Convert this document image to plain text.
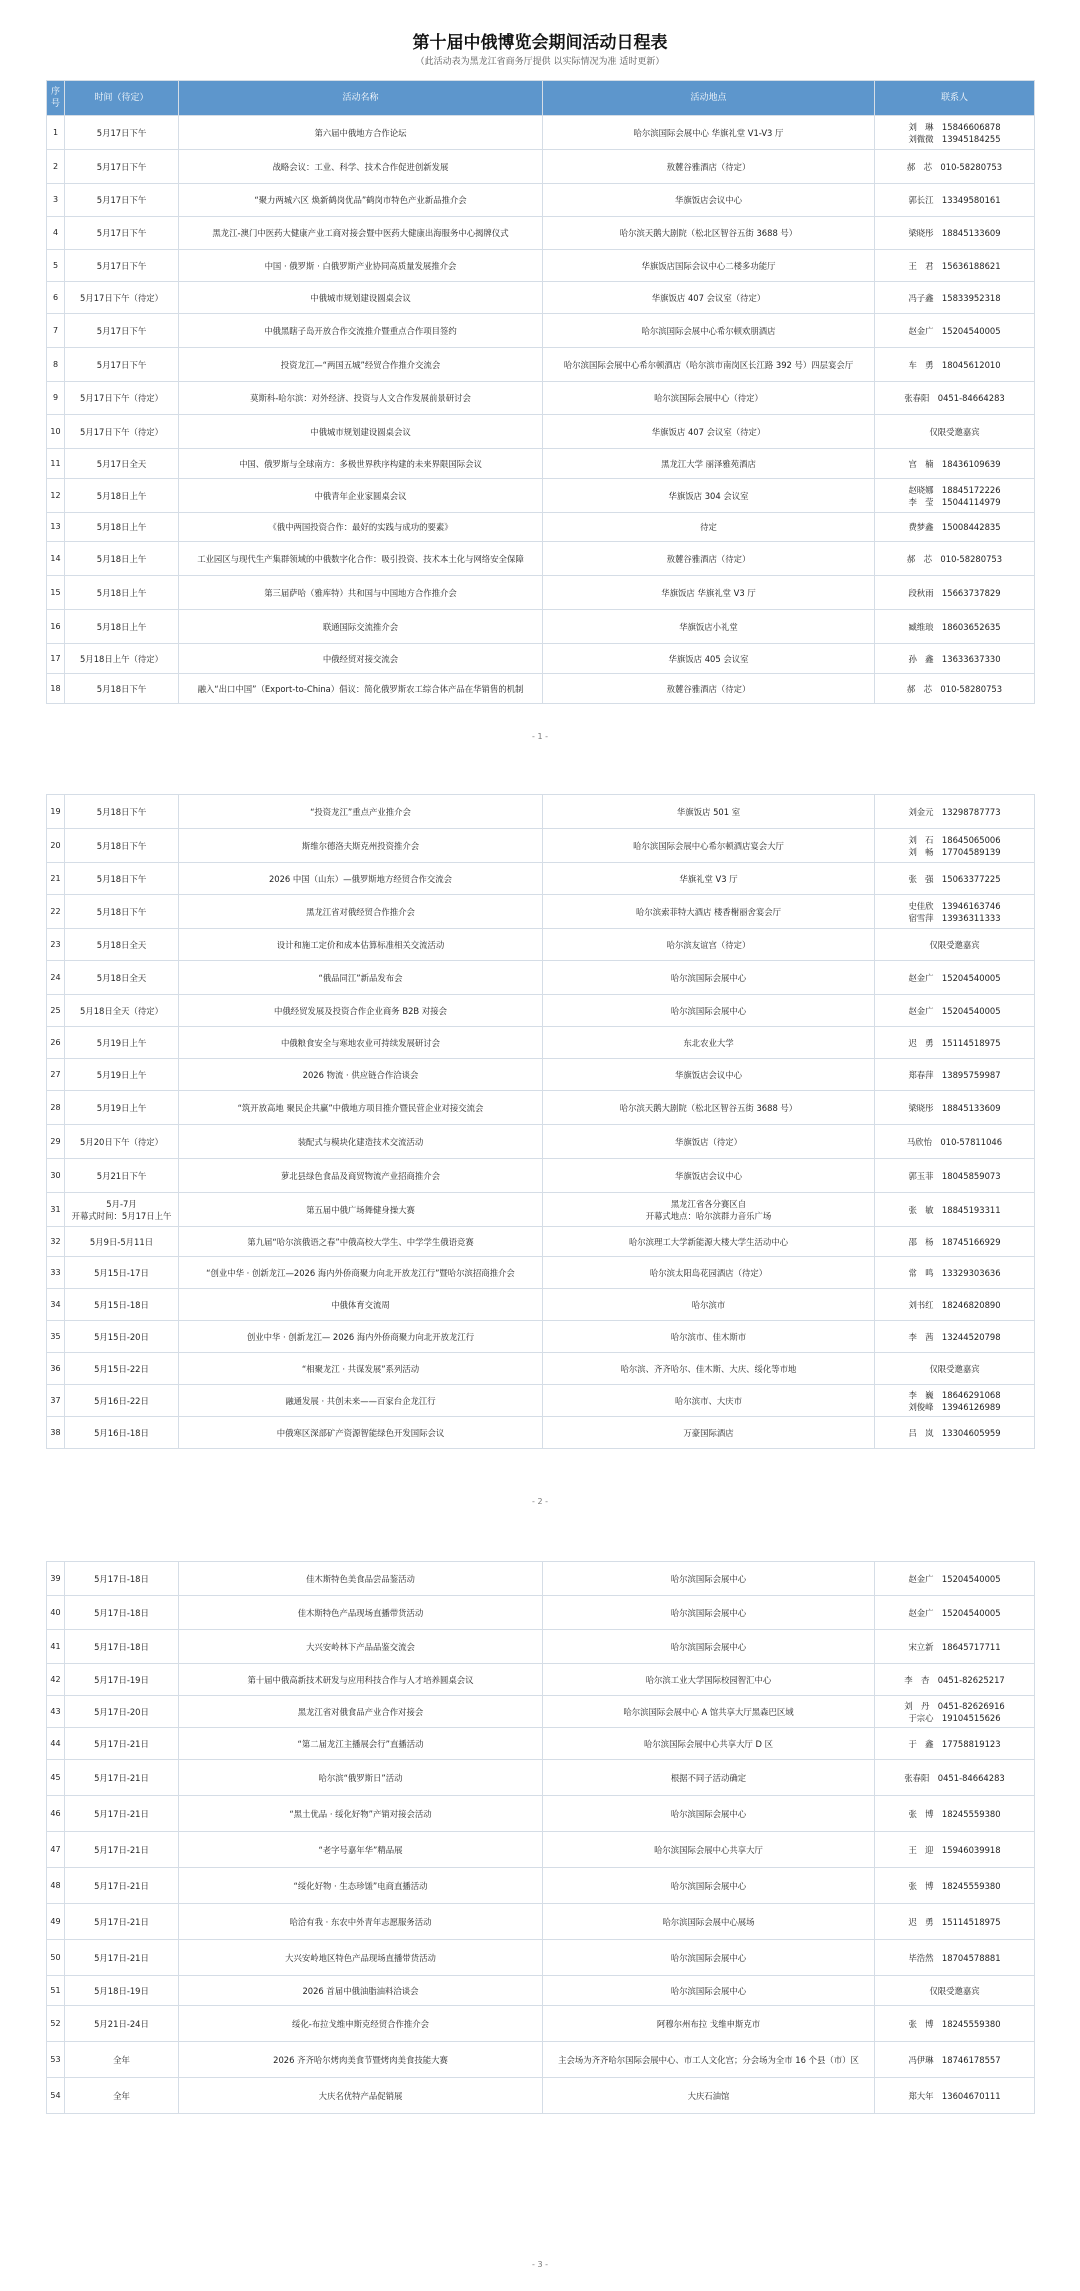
第十届中俄博览会期间活动日程表
（此活动表为黑龙江省商务厅提供 以实际情况为准 适时更新）
序号	时间（待定）	活动名称	活动地点	联系人
1	5月17日下午	第六届中俄地方合作论坛	哈尔滨国际会展中心 华旗礼堂 V1-V3 厅	刘　琳　15846606878
刘微微　13945184255
2	5月17日下午	战略会议：工业、科学、技术合作促进创新发展	敖麓谷雅酒店（待定）	郝　芯　010-58280753
3	5月17日下午	“聚力两城六区 焕新鹤岗优品”鹤岗市特色产业新品推介会	华旗饭店会议中心	郭长江　13349580161
4	5月17日下午	黑龙江-澳门中医药大健康产业工商对接会暨中医药大健康出海服务中心揭牌仪式	哈尔滨天鹅大剧院（松北区智谷五街 3688 号）	梁晓彤　18845133609
5	5月17日下午	中国 · 俄罗斯 · 白俄罗斯产业协同高质量发展推介会	华旗饭店国际会议中心二楼多功能厅	王　君　15636188621
6	5月17日下午（待定）	中俄城市规划建设圆桌会议	华旗饭店 407 会议室（待定）	冯子鑫　15833952318
7	5月17日下午	中俄黑瞎子岛开放合作交流推介暨重点合作项目签约	哈尔滨国际会展中心希尔顿欢朋酒店	赵金广　15204540005
8	5月17日下午	投资龙江—“两国五城”经贸合作推介交流会	哈尔滨国际会展中心希尔顿酒店（哈尔滨市南岗区长江路 392 号）四层宴会厅	车　勇　18045612010
9	5月17日下午（待定）	莫斯科-哈尔滨：对外经济、投资与人文合作发展前景研讨会	哈尔滨国际会展中心（待定）	张春阳　0451-84664283
10	5月17日下午（待定）	中俄城市规划建设圆桌会议	华旗饭店 407 会议室（待定）	仅限受邀嘉宾
11	5月17日全天	中国、俄罗斯与全球南方：多极世界秩序构建的未来界限国际会议	黑龙江大学 丽泽雅苑酒店	宫　楠　18436109639
12	5月18日上午	中俄青年企业家圆桌会议	华旗饭店 304 会议室	赵晓娜　18845172226
李　莹　15044114979
13	5月18日上午	《俄中两国投资合作：最好的实践与成功的要素》	待定	费梦鑫　15008442835
14	5月18日上午	工业园区与现代生产集群领域的中俄数字化合作：吸引投资、技术本土化与网络安全保障	敖麓谷雅酒店（待定）	郝　芯　010-58280753
15	5月18日上午	第三届萨哈（雅库特）共和国与中国地方合作推介会	华旗饭店 华旗礼堂 V3 厅	段秋雨　15663737829
16	5月18日上午	联通国际交流推介会	华旗饭店小礼堂	臧维琅　18603652635
17	5月18日上午（待定）	中俄经贸对接交流会	华旗饭店 405 会议室	孙　鑫　13633637330
18	5月18日下午	融入“出口中国”（Export-to-China）倡议：简化俄罗斯农工综合体产品在华销售的机制	敖麓谷雅酒店（待定）	郝　芯　010-58280753
- 1 -
19	5月18日下午	“投资龙江”重点产业推介会	华旗饭店 501 室	刘金元　13298787773
20	5月18日下午	斯维尔德洛夫斯克州投资推介会	哈尔滨国际会展中心希尔顿酒店宴会大厅	刘　石　18645065006
刘　畅　17704589139
21	5月18日下午	2026 中国（山东）—俄罗斯地方经贸合作交流会	华旗礼堂 V3 厅	张　强　15063377225
22	5月18日下午	黑龙江省对俄经贸合作推介会	哈尔滨索菲特大酒店 楼香榭丽舍宴会厅	史佳欣　13946163746
宿雪萍　13936311333
23	5月18日全天	设计和施工定价和成本估算标准相关交流活动	哈尔滨友谊宫（待定）	仅限受邀嘉宾
24	5月18日全天	“俄品同江”新品发布会	哈尔滨国际会展中心	赵金广　15204540005
25	5月18日全天（待定）	中俄经贸发展及投资合作企业商务 B2B 对接会	哈尔滨国际会展中心	赵金广　15204540005
26	5月19日上午	中俄粮食安全与寒地农业可持续发展研讨会	东北农业大学	迟　勇　15114518975
27	5月19日上午	2026 物流 · 供应链合作洽谈会	华旗饭店会议中心	郑春萍　13895759987
28	5月19日上午	“筑开放高地 聚民企共赢”中俄地方项目推介暨民营企业对接交流会	哈尔滨天鹅大剧院（松北区智谷五街 3688 号）	梁晓彤　18845133609
29	5月20日下午（待定）	装配式与模块化建造技术交流活动	华旗饭店（待定）	马欣怡　010-57811046
30	5月21日下午	萝北县绿色食品及商贸物流产业招商推介会	华旗饭店会议中心	郭玉菲　18045859073
31	5月-7月
开幕式时间：5月17日上午	第五届中俄广场舞健身操大赛	黑龙江省各分赛区自
开幕式地点：哈尔滨群力音乐广场	张　敏　18845193311
32	5月9日-5月11日	第九届“哈尔滨俄语之春”中俄高校大学生、中学学生俄语竞赛	哈尔滨理工大学新能源大楼大学生活动中心	邵　杨　18745166929
33	5月15日-17日	“创业中华 · 创新龙江—2026 海内外侨商聚力向北开放龙江行”暨哈尔滨招商推介会	哈尔滨太阳岛花园酒店（待定）	常　鸣　13329303636
34	5月15日-18日	中俄体育交流周	哈尔滨市	刘书红　18246820890
35	5月15日-20日	创业中华 · 创新龙江— 2026 海内外侨商聚力向北开放龙江行	哈尔滨市、佳木斯市	李　茜　13244520798
36	5月15日-22日	“相聚龙江 · 共谋发展”系列活动	哈尔滨、齐齐哈尔、佳木斯、大庆、绥化等市地	仅限受邀嘉宾
37	5月16日-22日	融通发展 · 共创未来——百家台企龙江行	哈尔滨市、大庆市	李　巍　18646291068
刘俊峰　13946126989
38	5月16日-18日	中俄寒区深部矿产资源智能绿色开发国际会议	万豪国际酒店	吕　岚　13304605959
- 2 -
39	5月17日-18日	佳木斯特色美食品尝品鉴活动	哈尔滨国际会展中心	赵金广　15204540005
40	5月17日-18日	佳木斯特色产品现场直播带货活动	哈尔滨国际会展中心	赵金广　15204540005
41	5月17日-18日	大兴安岭林下产品品鉴交流会	哈尔滨国际会展中心	宋立新　18645717711
42	5月17日-19日	第十届中俄高新技术研发与应用科技合作与人才培养圆桌会议	哈尔滨工业大学国际校园智汇中心	李　杏　0451-82625217
43	5月17日-20日	黑龙江省对俄食品产业合作对接会	哈尔滨国际会展中心 A 馆共享大厅黑森巴区域	刘　丹　0451-82626916
于宗心　19104515626
44	5月17日-21日	“第二届龙江主播展会行”直播活动	哈尔滨国际会展中心共享大厅 D 区	于　鑫　17758819123
45	5月17日-21日	哈尔滨“俄罗斯日”活动	根据不同子活动确定	张春阳　0451-84664283
46	5月17日-21日	“黑土优品 · 绥化好物”产销对接会活动	哈尔滨国际会展中心	张　博　18245559380
47	5月17日-21日	“老字号嘉年华”精品展	哈尔滨国际会展中心共享大厅	王　迎　15946039918
48	5月17日-21日	“绥化好物 · 生态珍馐”电商直播活动	哈尔滨国际会展中心	张　博　18245559380
49	5月17日-21日	哈洽有我 · 东农中外青年志愿服务活动	哈尔滨国际会展中心展场	迟　勇　15114518975
50	5月17日-21日	大兴安岭地区特色产品现场直播带货活动	哈尔滨国际会展中心	毕浩然　18704578881
51	5月18日-19日	2026 首届中俄油脂油料洽谈会	哈尔滨国际会展中心	仅限受邀嘉宾
52	5月21日-24日	绥化-布拉戈维申斯克经贸合作推介会	阿穆尔州布拉 戈维申斯克市	张　博　18245559380
53	全年	2026 齐齐哈尔烤肉美食节暨烤肉美食技能大赛	主会场为齐齐哈尔国际会展中心、市工人文化宫；分会场为全市 16 个县（市）区	冯伊琳　18746178557
54	全年	大庆名优特产品促销展	大庆石油馆	郑大年　13604670111
- 3 -
